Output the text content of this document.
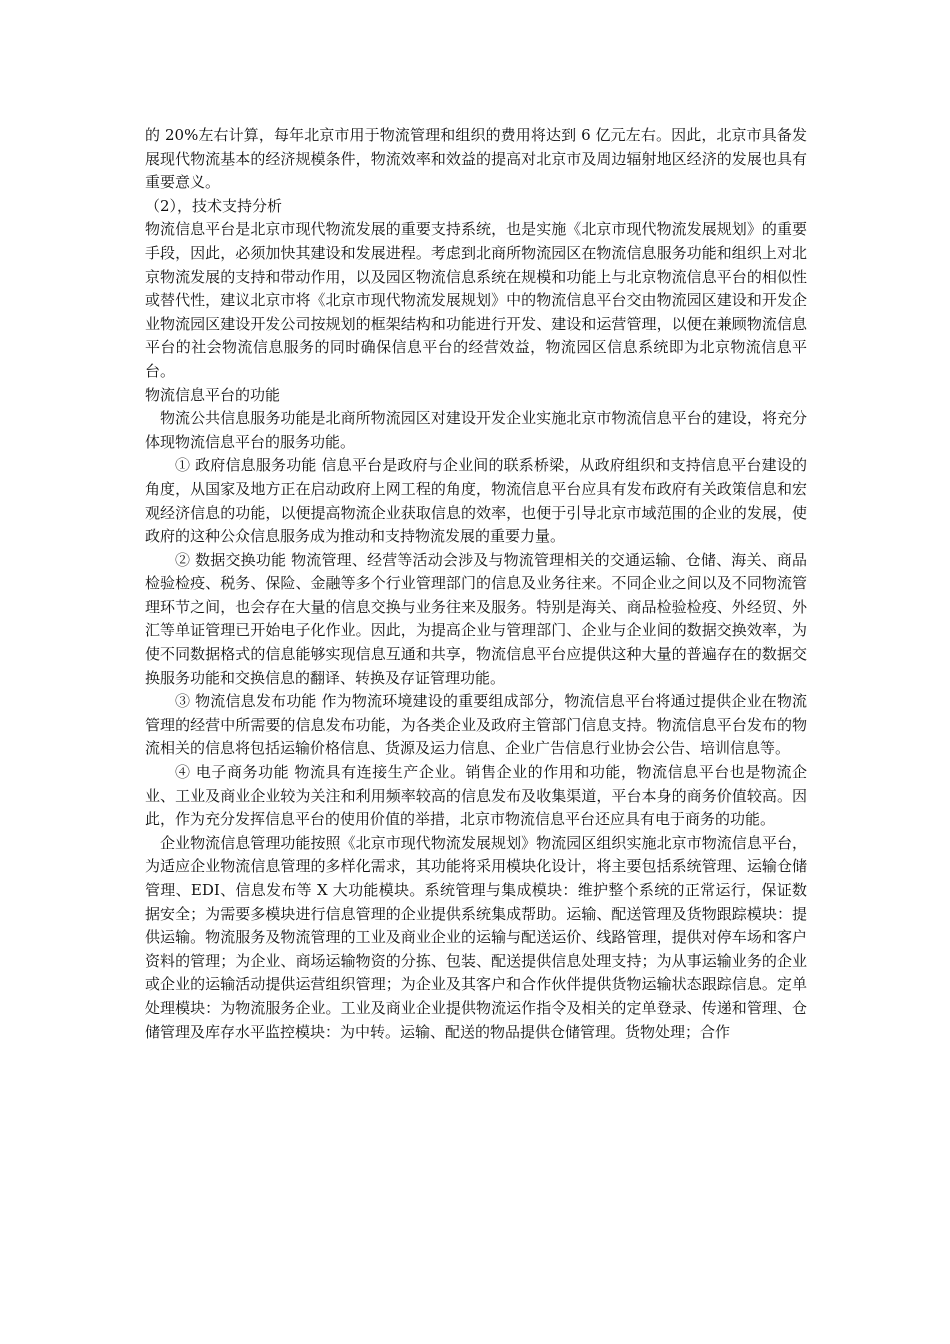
的 20%左右计算，每年北京市用于物流管理和组织的费用将达到 6 亿元左右。因此，北京市具备发展现代物流基本的经济规模条件，物流效率和效益的提高对北京市及周边辐射地区经济的发展也具有重要意义。

（2），技术支持分析

物流信息平台是北京市现代物流发展的重要支持系统，也是实施《北京市现代物流发展规划》的重要手段，因此，必须加快其建设和发展进程。考虑到北商所物流园区在物流信息服务功能和组织上对北京物流发展的支持和带动作用，以及园区物流信息系统在规模和功能上与北京物流信息平台的相似性或替代性，建议北京市将《北京市现代物流发展规划》中的物流信息平台交由物流园区建设和开发企业物流园区建设开发公司按规划的框架结构和功能进行开发、建设和运营管理，以便在兼顾物流信息平台的社会物流信息服务的同时确保信息平台的经营效益，物流园区信息系统即为北京物流信息平台。

物流信息平台的功能

物流公共信息服务功能是北商所物流园区对建设开发企业实施北京市物流信息平台的建设，将充分体现物流信息平台的服务功能。

① 政府信息服务功能 信息平台是政府与企业间的联系桥梁，从政府组织和支持信息平台建设的角度，从国家及地方正在启动政府上网工程的角度，物流信息平台应具有发布政府有关政策信息和宏观经济信息的功能，以便提高物流企业获取信息的效率，也便于引导北京市域范围的企业的发展，使政府的这种公众信息服务成为推动和支持物流发展的重要力量。

② 数据交换功能 物流管理、经营等活动会涉及与物流管理相关的交通运输、仓储、海关、商品检验检疫、税务、保险、金融等多个行业管理部门的信息及业务往来。不同企业之间以及不同物流管理环节之间，也会存在大量的信息交换与业务往来及服务。特别是海关、商品检验检疫、外经贸、外汇等单证管理已开始电子化作业。因此，为提高企业与管理部门、企业与企业间的数据交换效率，为使不同数据格式的信息能够实现信息互通和共享，物流信息平台应提供这种大量的普遍存在的数据交换服务功能和交换信息的翻译、转换及存证管理功能。

③ 物流信息发布功能 作为物流环境建设的重要组成部分，物流信息平台将通过提供企业在物流管理的经营中所需要的信息发布功能，为各类企业及政府主管部门信息支持。物流信息平台发布的物流相关的信息将包括运输价格信息、货源及运力信息、企业广告信息行业协会公告、培训信息等。

④ 电子商务功能 物流具有连接生产企业。销售企业的作用和功能，物流信息平台也是物流企业、工业及商业企业较为关注和利用频率较高的信息发布及收集渠道，平台本身的商务价值较高。因此，作为充分发挥信息平台的使用价值的举措，北京市物流信息平台还应具有电于商务的功能。

企业物流信息管理功能按照《北京市现代物流发展规划》物流园区组织实施北京市物流信息平台，为适应企业物流信息管理的多样化需求，其功能将采用模块化设计，将主要包括系统管理、运输仓储管理、EDI、信息发布等 X 大功能模块。系统管理与集成模块：维护整个系统的正常运行，保证数据安全；为需要多模块进行信息管理的企业提供系统集成帮助。运输、配送管理及货物跟踪模块：提供运输。物流服务及物流管理的工业及商业企业的运输与配送运价、线路管理，提供对停车场和客户资料的管理；为企业、商场运输物资的分拣、包装、配送提供信息处理支持；为从事运输业务的企业或企业的运输活动提供运营组织管理；为企业及其客户和合作伙伴提供货物运输状态跟踪信息。定单处理模块：为物流服务企业。工业及商业企业提供物流运作指令及相关的定单登录、传递和管理、仓储管理及库存水平监控模块：为中转。运输、配送的物品提供仓储管理。货物处理；合作
